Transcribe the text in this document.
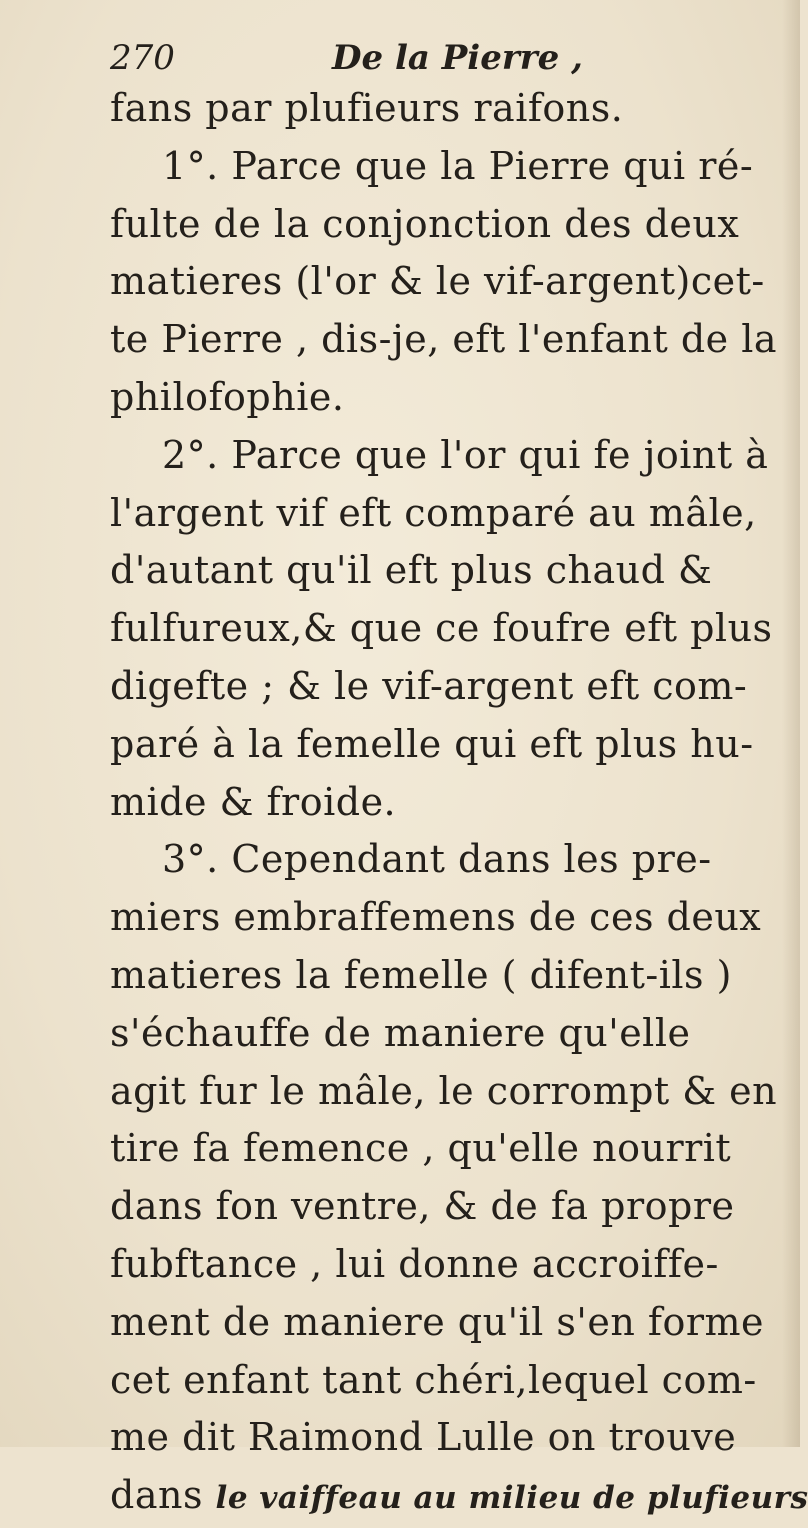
270	De la Pierre ,
fans par plufieurs raifons.
1°. Parce que la Pierre qui ré-
fulte de la conjonction des deux
matieres (l'or & le vif-argent)cet-
te Pierre , dis-je, eft l'enfant de la
philofophie.
2°. Parce que l'or qui fe joint à
l'argent vif eft comparé au mâle,
d'autant qu'il eft plus chaud &
fulfureux,& que ce foufre eft plus
digefte ; & le vif-argent eft com-
paré à la femelle qui eft plus hu-
mide & froide.
3°. Cependant dans les pre-
miers embraffemens de ces deux
matieres la femelle ( difent-ils )
s'échauffe de maniere qu'elle
agit fur le mâle, le corrompt & en
tire fa femence , qu'elle nourrit
dans fon ventre, & de fa propre
fubftance , lui donne accroiffe-
ment de maniere qu'il s'en forme
cet enfant tant chéri,lequel com-
me dit Raimond Lulle on trouve
dans le vaiffeau au milieu de plufieurs
